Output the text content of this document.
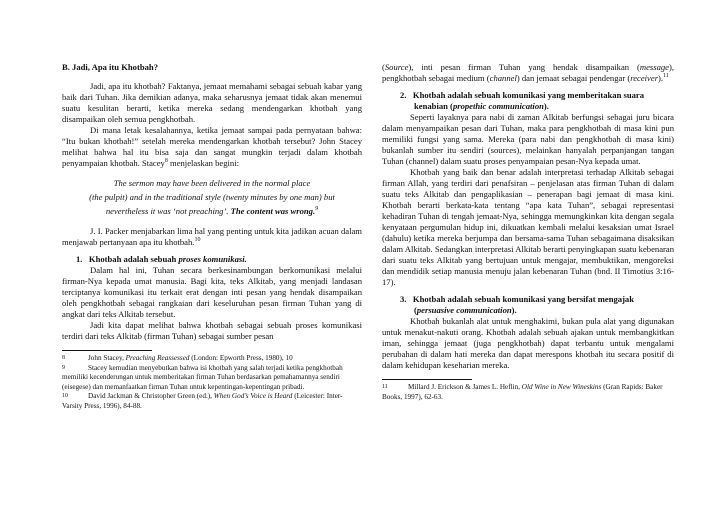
B. Jadi, Apa itu Khotbah?

Jadi, apa itu khotbah? Faktanya, jemaat memahami sebagai sebuah kabar yang baik dari Tuhan. Jika demikian adanya, maka seharusnya jemaat tidak akan menemui suatu kesulitan berarti, ketika mereka sedang mendengarkan khotbah yang disampaikan oleh semua pengkhotbah.

Di mana letak kesalahannya, ketika jemaat sampai pada pernyataan bahwa: “Itu bukan khotbah!” setelah mereka mendengarkan khotbah tersebut? John Stacey melihat bahwa hal itu bisa saja dan sangat mungkin terjadi dalam khotbah penyampaian khotbah. Stacey$^8$ menjelaskan begini:

The sermon may have been delivered in the normal place

(the pulpit) and in the traditional style (twenty minutes by one man) but

nevertheless it was ‘not preaching’. The content was wrong.$^9$

J. I. Packer menjabarkan lima hal yang penting untuk kita jadikan acuan dalam menjawab pertanyaan apa itu khotbah.$^{10}$

1. Khotbah adalah sebuah proses komunikasi.

Dalam hal ini, Tuhan secara berkesinambungan berkomunikasi melalui firman-Nya kepada umat manusia. Bagi kita, teks Alkitab, yang menjadi landasan terciptanya komunikasi itu terkait erat dengan inti pesan yang hendak disampaikan oleh pengkhotbah sebagai rangkaian dari keseluruhan pesan firman Tuhan yang di angkat dari teks Alkitab tersebut.

Jadi kita dapat melihat bahwa khotbah sebagai sebuah proses komunikasi terdiri dari teks Alkitab (firman Tuhan) sebagai sumber pesan

8	John Stacey, Preaching Reassessed (London: Epworth Press, 1980), 10

9	Stacey kemudian menyebutkan bahwa isi khotbah yang salah terjadi ketika pengkhotbah memiliki kecenderungan untuk memberitakan firman Tuhan berdasarkan pemahamannya sendiri (eisegese) dan memanfaatkan firman Tuhan untuk kepentingan-kepentingan pribadi.

10	David Jackman & Christopher Green (ed.), When God’s Voice is Heard (Leicester: Inter-Varsity Press, 1996), 84-88.

(Source), inti pesan firman Tuhan yang hendak disampaikan (message), pengkhotbah sebagai medium (channel) dan jemaat sebagai pendengar (receiver).$^{11}$

2. Khotbah adalah sebuah komunikasi yang memberitakan suara kenabian (propethic communication).

Seperti layaknya para nabi di zaman Alkitab berfungsi sebagai juru bicara dalam menyampaikan pesan dari Tuhan, maka para pengkhotbah di masa kini pun memiliki fungsi yang sama. Mereka (para nabi dan pengkhotbah di masa kini) bukanlah sumber itu sendiri (sources), melainkan hanyalah perpanjangan tangan Tuhan (channel) dalam suatu proses penyampaian pesan-Nya kepada umat.

Khotbah yang baik dan benar adalah interpretasi terhadap Alkitab sebagai firman Allah, yang terdiri dari penafsiran – penjelasan atas firman Tuhan di dalam suatu teks Alkitab dan pengaplikasian – penerapan bagi jemaat di masa kini. Khotbah berarti berkata-kata tentang “apa kata Tuhan”, sebagai representasi kehadiran Tuhan di tengah jemaat-Nya, sehingga memungkinkan kita dengan segala kenyataan pergumulan hidup ini, dikuatkan kembali melalui kesaksian umat Israel (dahulu) ketika mereka berjumpa dan bersama-sama Tuhan sebagaimana disaksikan dalam Alkitab. Sedangkan interpretasi Alkitab berarti penyingkapan suatu kebenaran dari suatu teks Alkitab yang bertujuan untuk mengajar, membuktikan, mengoreksi dan mendidik setiap manusia menuju jalan kebenaran Tuhan (bnd. II Timotius 3:16-17).

3. Khotbah adalah sebuah komunikasi yang bersifat mengajak (persuasive communication).

Khotbah bukanlah alat untuk menghakimi, bukan pula alat yang digunakan untuk menakut-nakuti orang. Khotbah adalah sebuah ajakan untuk membangkitkan iman, sehingga jemaat (juga pengkhotbah) dapat terbantu untuk mengalami perubahan di dalam hati mereka dan dapat merespons khotbah itu secara positif di dalam kehidupan keseharian mereka.

11	Millard J. Erickson & James L. Heflin, Old Wine in New Wineskins (Gran Rapids: Baker Books, 1997), 62-63.
